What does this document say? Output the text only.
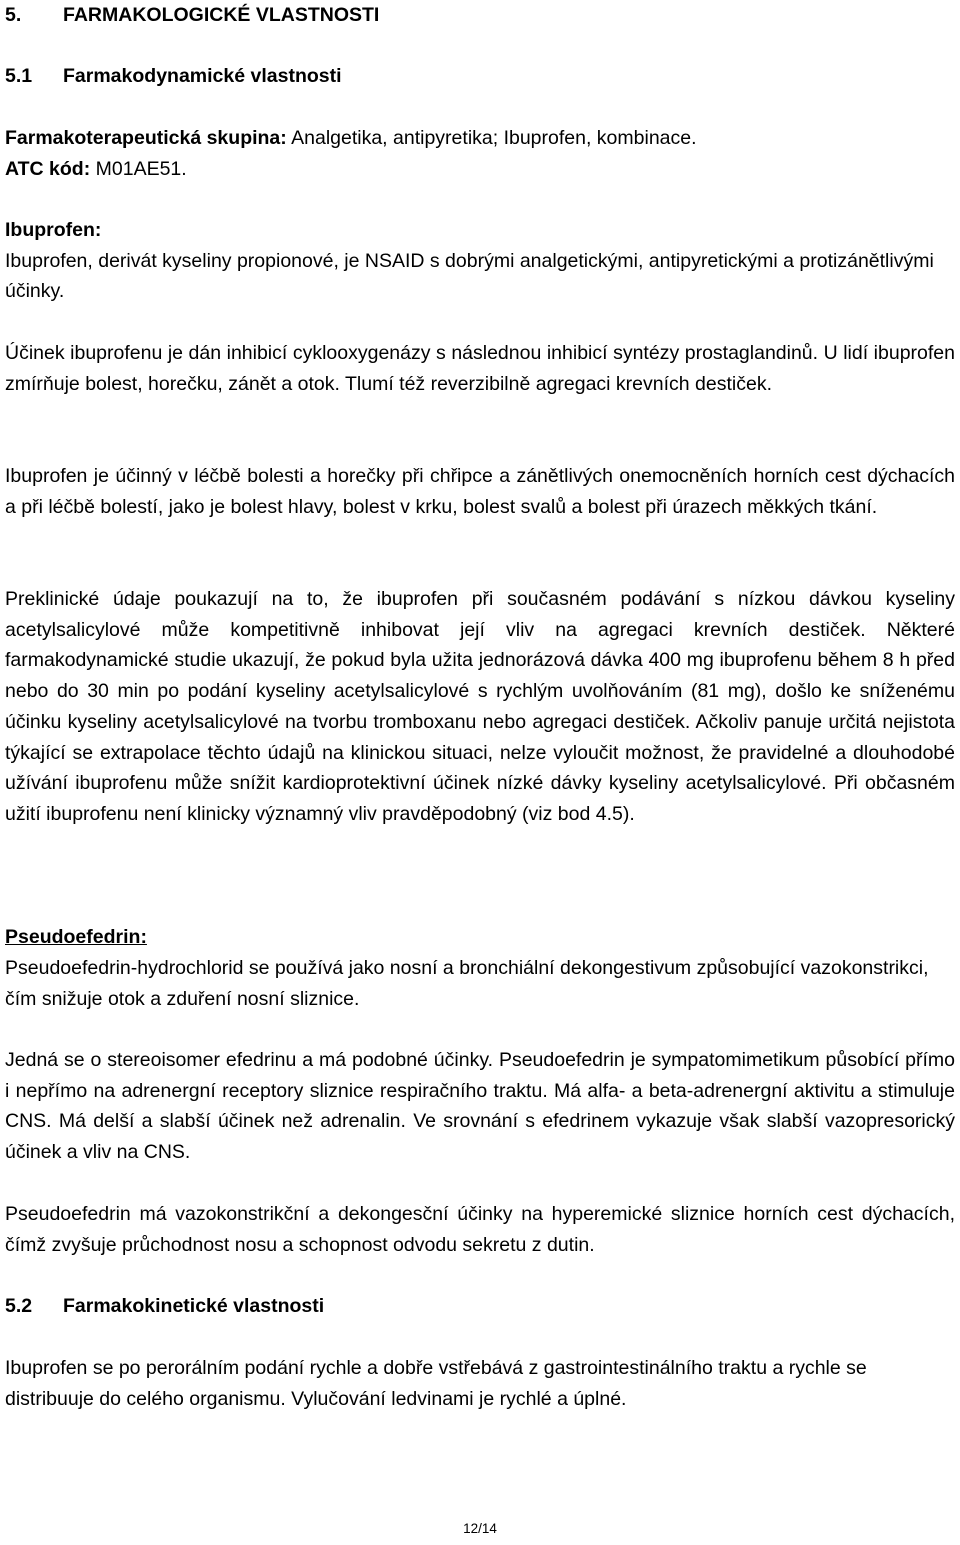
5. FARMAKOLOGICKÉ VLASTNOSTI
5.1 Farmakodynamické vlastnosti
Farmakoterapeutická skupina: Analgetika, antipyretika; Ibuprofen, kombinace.
ATC kód: M01AE51.
Ibuprofen:
Ibuprofen, derivát kyseliny propionové, je NSAID s dobrými analgetickými, antipyretickými a protizánětlivými účinky.

Účinek ibuprofenu je dán inhibicí cyklooxygenázy s následnou inhibicí syntézy prostaglandinů. U lidí ibuprofen zmírňuje bolest, horečku, zánět a otok. Tlumí též reverzibilně agregaci krevních destiček.

Ibuprofen je účinný v léčbě bolesti a horečky při chřipce a zánětlivých onemocněních horních cest dýchacích a při léčbě bolestí, jako je bolest hlavy, bolest v krku, bolest svalů a bolest při úrazech měkkých tkání.

Preklinické údaje poukazují na to, že ibuprofen při současném podávání s nízkou dávkou kyseliny acetylsalicylové může kompetitivně inhibovat její vliv na agregaci krevních destiček. Některé farmakodynamické studie ukazují, že pokud byla užita jednorázová dávka 400 mg ibuprofenu během 8 h před nebo do 30 min po podání kyseliny acetylsalicylové s rychlým uvolňováním (81 mg), došlo ke sníženému účinku kyseliny acetylsalicylové na tvorbu tromboxanu nebo agregaci destiček. Ačkoliv panuje určitá nejistota týkající se extrapolace těchto údajů na klinickou situaci, nelze vyloučit možnost, že pravidelné a dlouhodobé užívání ibuprofenu může snížit kardioprotektivní účinek nízké dávky kyseliny acetylsalicylové. Při občasném užití ibuprofenu není klinicky významný vliv pravděpodobný (viz bod 4.5).

Pseudoefedrin:

Pseudoefedrin-hydrochlorid se používá jako nosní a bronchiální dekongestivum způsobující vazokonstrikci, čím snižuje otok a zduření nosní sliznice.

Jedná se o stereoisomer efedrinu a má podobné účinky. Pseudoefedrin je sympatomimetikum působící přímo i nepřímo na adrenergní receptory sliznice respiračního traktu. Má alfa- a beta-adrenergní aktivitu a stimuluje CNS. Má delší a slabší účinek než adrenalin. Ve srovnání s efedrinem vykazuje však slabší vazopresorický účinek a vliv na CNS.

Pseudoefedrin má vazokonstrikční a dekongesční účinky na hyperemické sliznice horních cest dýchacích, čímž zvyšuje průchodnost nosu a schopnost odvodu sekretu z dutin.

5.2 Farmakokinetické vlastnosti

Ibuprofen se po perorálním podání rychle a dobře vstřebává z gastrointestinálního traktu a rychle se distribuuje do celého organismu. Vylučování ledvinami je rychlé a úplné.

12/14
